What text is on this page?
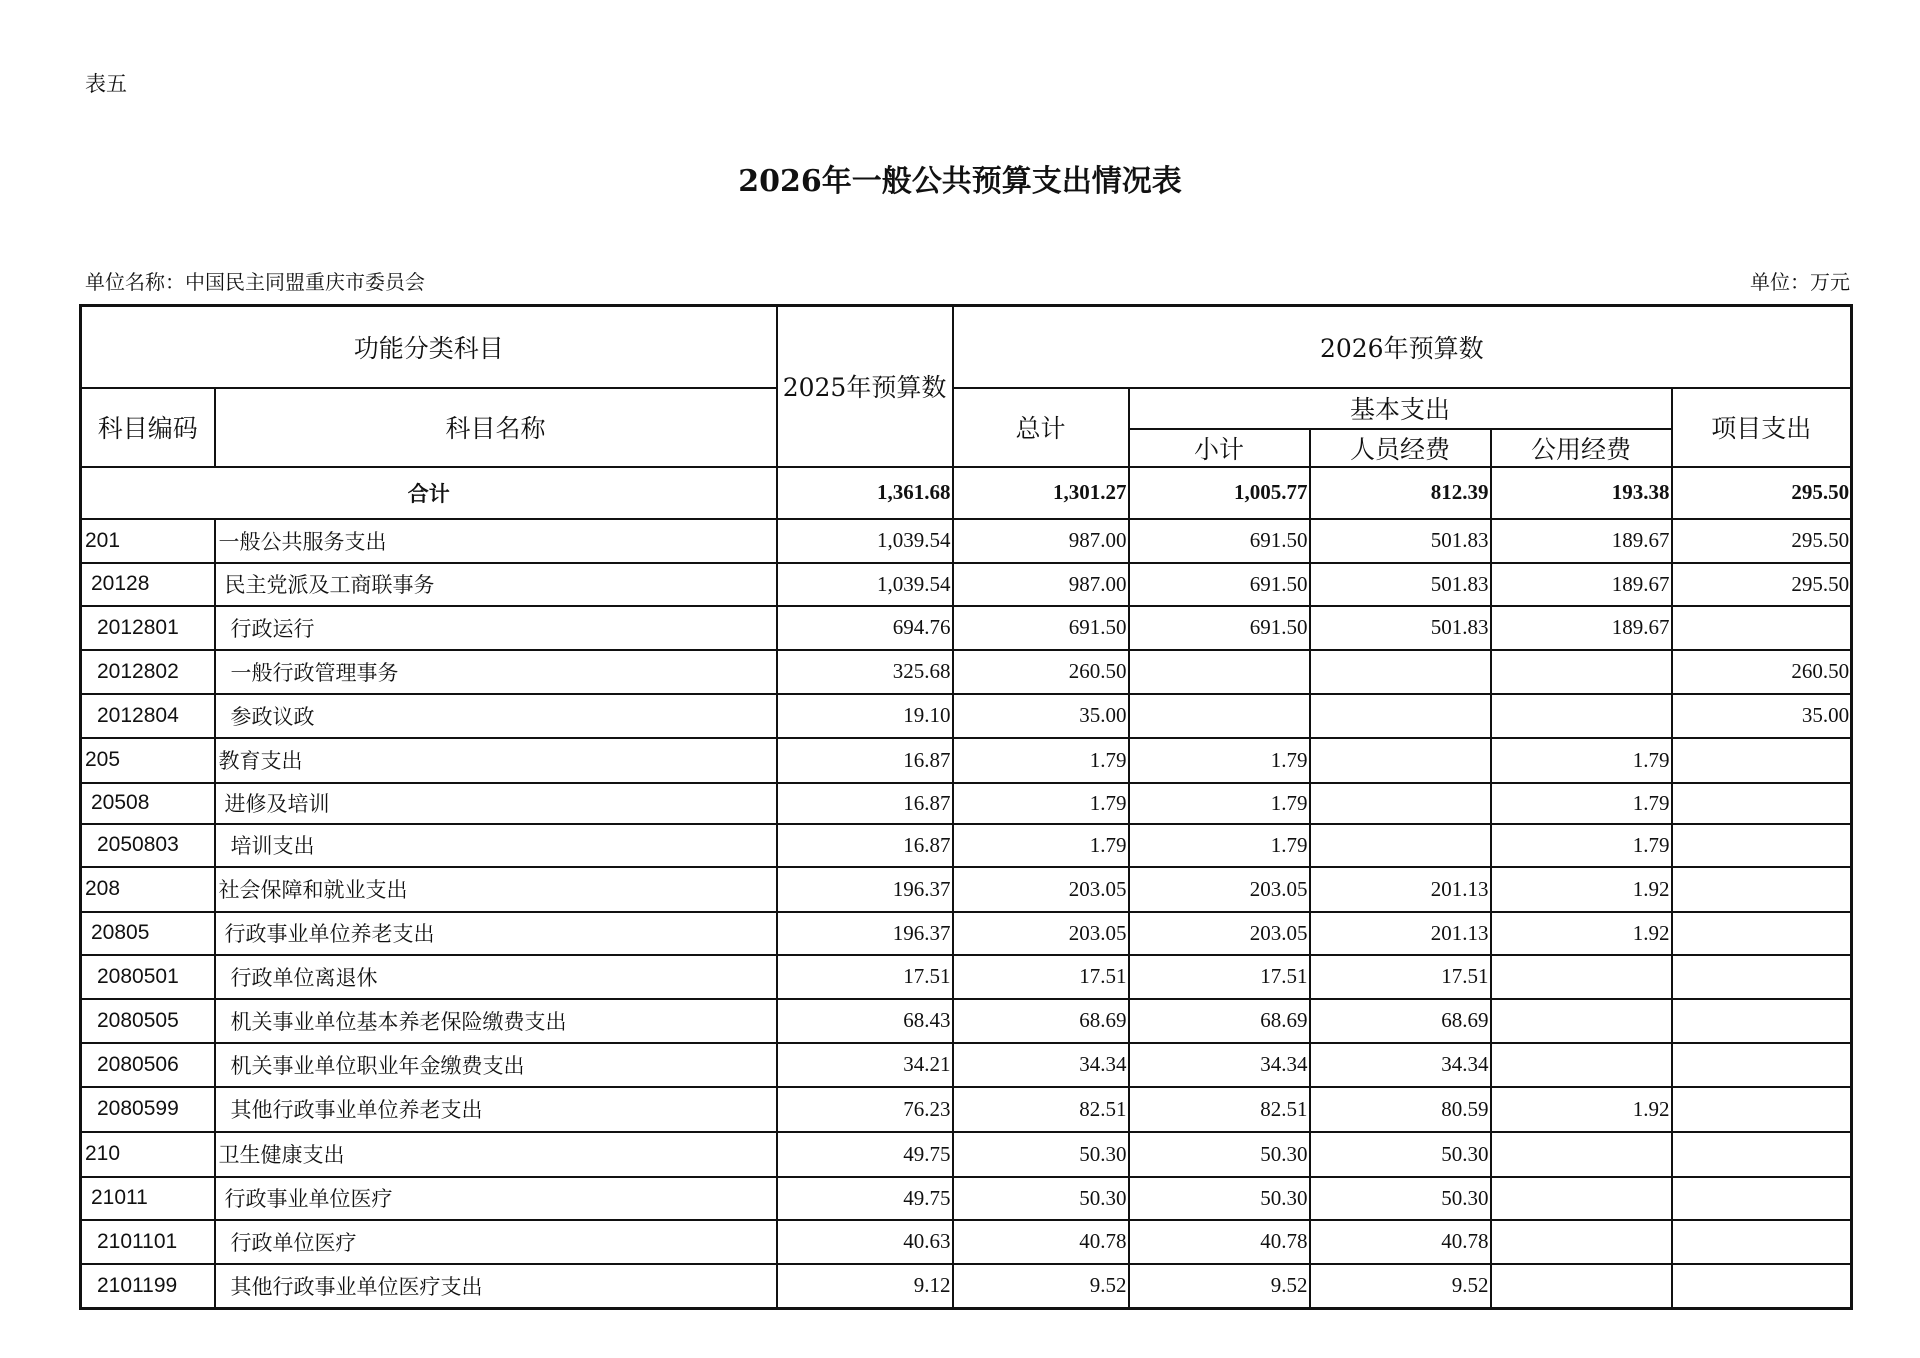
表五
2026年一般公共预算支出情况表
单位名称：中国民主同盟重庆市委员会	单位：万元
功能分类科目		2025年预算数	2026年预算数				
科目编码	科目名称		总计	基本支出			项目支出
				小计	人员经费	公用经费	
合计		1,361.68	1,301.27	1,005.77	812.39	193.38	295.50
201	一般公共服务支出	1,039.54	987.00	691.50	501.83	189.67	295.50
20128	民主党派及工商联事务	1,039.54	987.00	691.50	501.83	189.67	295.50
2012801	行政运行	694.76	691.50	691.50	501.83	189.67	
2012802	一般行政管理事务	325.68	260.50				260.50
2012804	参政议政	19.10	35.00				35.00
205	教育支出	16.87	1.79	1.79		1.79	
20508	进修及培训	16.87	1.79	1.79		1.79	
2050803	培训支出	16.87	1.79	1.79		1.79	
208	社会保障和就业支出	196.37	203.05	203.05	201.13	1.92	
20805	行政事业单位养老支出	196.37	203.05	203.05	201.13	1.92	
2080501	行政单位离退休	17.51	17.51	17.51	17.51		
2080505	机关事业单位基本养老保险缴费支出	68.43	68.69	68.69	68.69		
2080506	机关事业单位职业年金缴费支出	34.21	34.34	34.34	34.34		
2080599	其他行政事业单位养老支出	76.23	82.51	82.51	80.59	1.92	
210	卫生健康支出	49.75	50.30	50.30	50.30		
21011	行政事业单位医疗	49.75	50.30	50.30	50.30		
2101101	行政单位医疗	40.63	40.78	40.78	40.78		
2101199	其他行政事业单位医疗支出	9.12	9.52	9.52	9.52		
